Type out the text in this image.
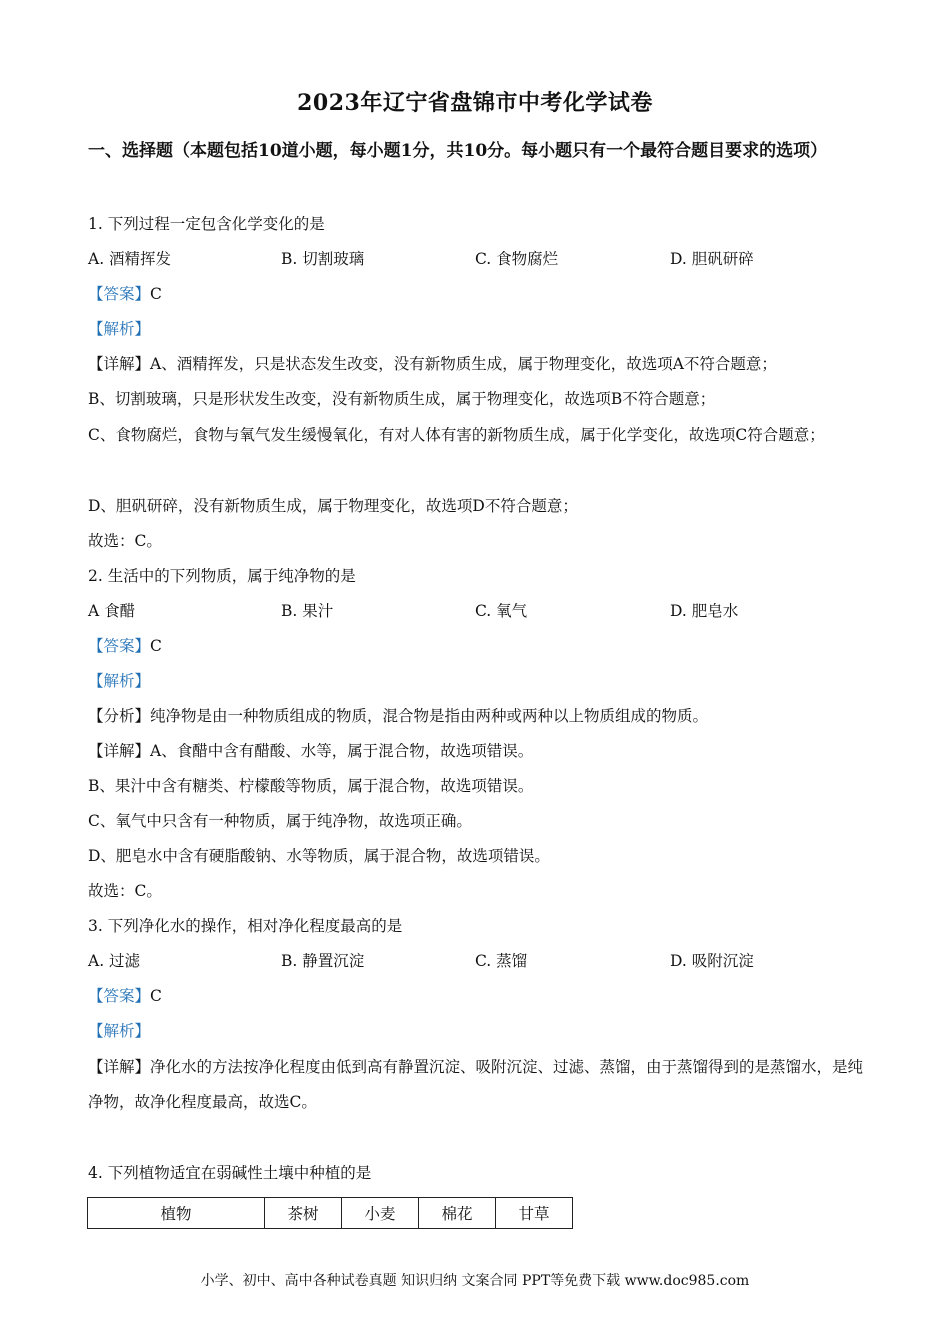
2023年辽宁省盘锦市中考化学试卷
一、选择题（本题包括10道小题，每小题1分，共10分。每小题只有一个最符合题目要求的选项）
1. 下列过程一定包含化学变化的是
A. 酒精挥发	B. 切割玻璃	C. 食物腐烂	D. 胆矾研碎
【答案】C
【解析】
【详解】A、酒精挥发，只是状态发生改变，没有新物质生成，属于物理变化，故选项A不符合题意；
B、切割玻璃，只是形状发生改变，没有新物质生成，属于物理变化，故选项B不符合题意；
C、食物腐烂，食物与氧气发生缓慢氧化，有对人体有害的新物质生成，属于化学变化，故选项C符合题意；
D、胆矾研碎，没有新物质生成，属于物理变化，故选项D不符合题意；
故选：C。
2. 生活中的下列物质，属于纯净物的是
A 食醋	B. 果汁	C. 氧气	D. 肥皂水
【答案】C
【解析】
【分析】纯净物是由一种物质组成的物质，混合物是指由两种或两种以上物质组成的物质。
【详解】A、食醋中含有醋酸、水等，属于混合物，故选项错误。
B、果汁中含有糖类、柠檬酸等物质，属于混合物，故选项错误。
C、氧气中只含有一种物质，属于纯净物，故选项正确。
D、肥皂水中含有硬脂酸钠、水等物质，属于混合物，故选项错误。
故选：C。
3. 下列净化水的操作，相对净化程度最高的是
A. 过滤	B. 静置沉淀	C. 蒸馏	D. 吸附沉淀
【答案】C
【解析】
【详解】净化水的方法按净化程度由低到高有静置沉淀、吸附沉淀、过滤、蒸馏，由于蒸馏得到的是蒸馏水，是纯净物，故净化程度最高，故选C。
4. 下列植物适宜在弱碱性土壤中种植的是
植物	茶树	小麦	棉花	甘草
小学、初中、高中各种试卷真题 知识归纳 文案合同 PPT等免费下载 www.doc985.com
